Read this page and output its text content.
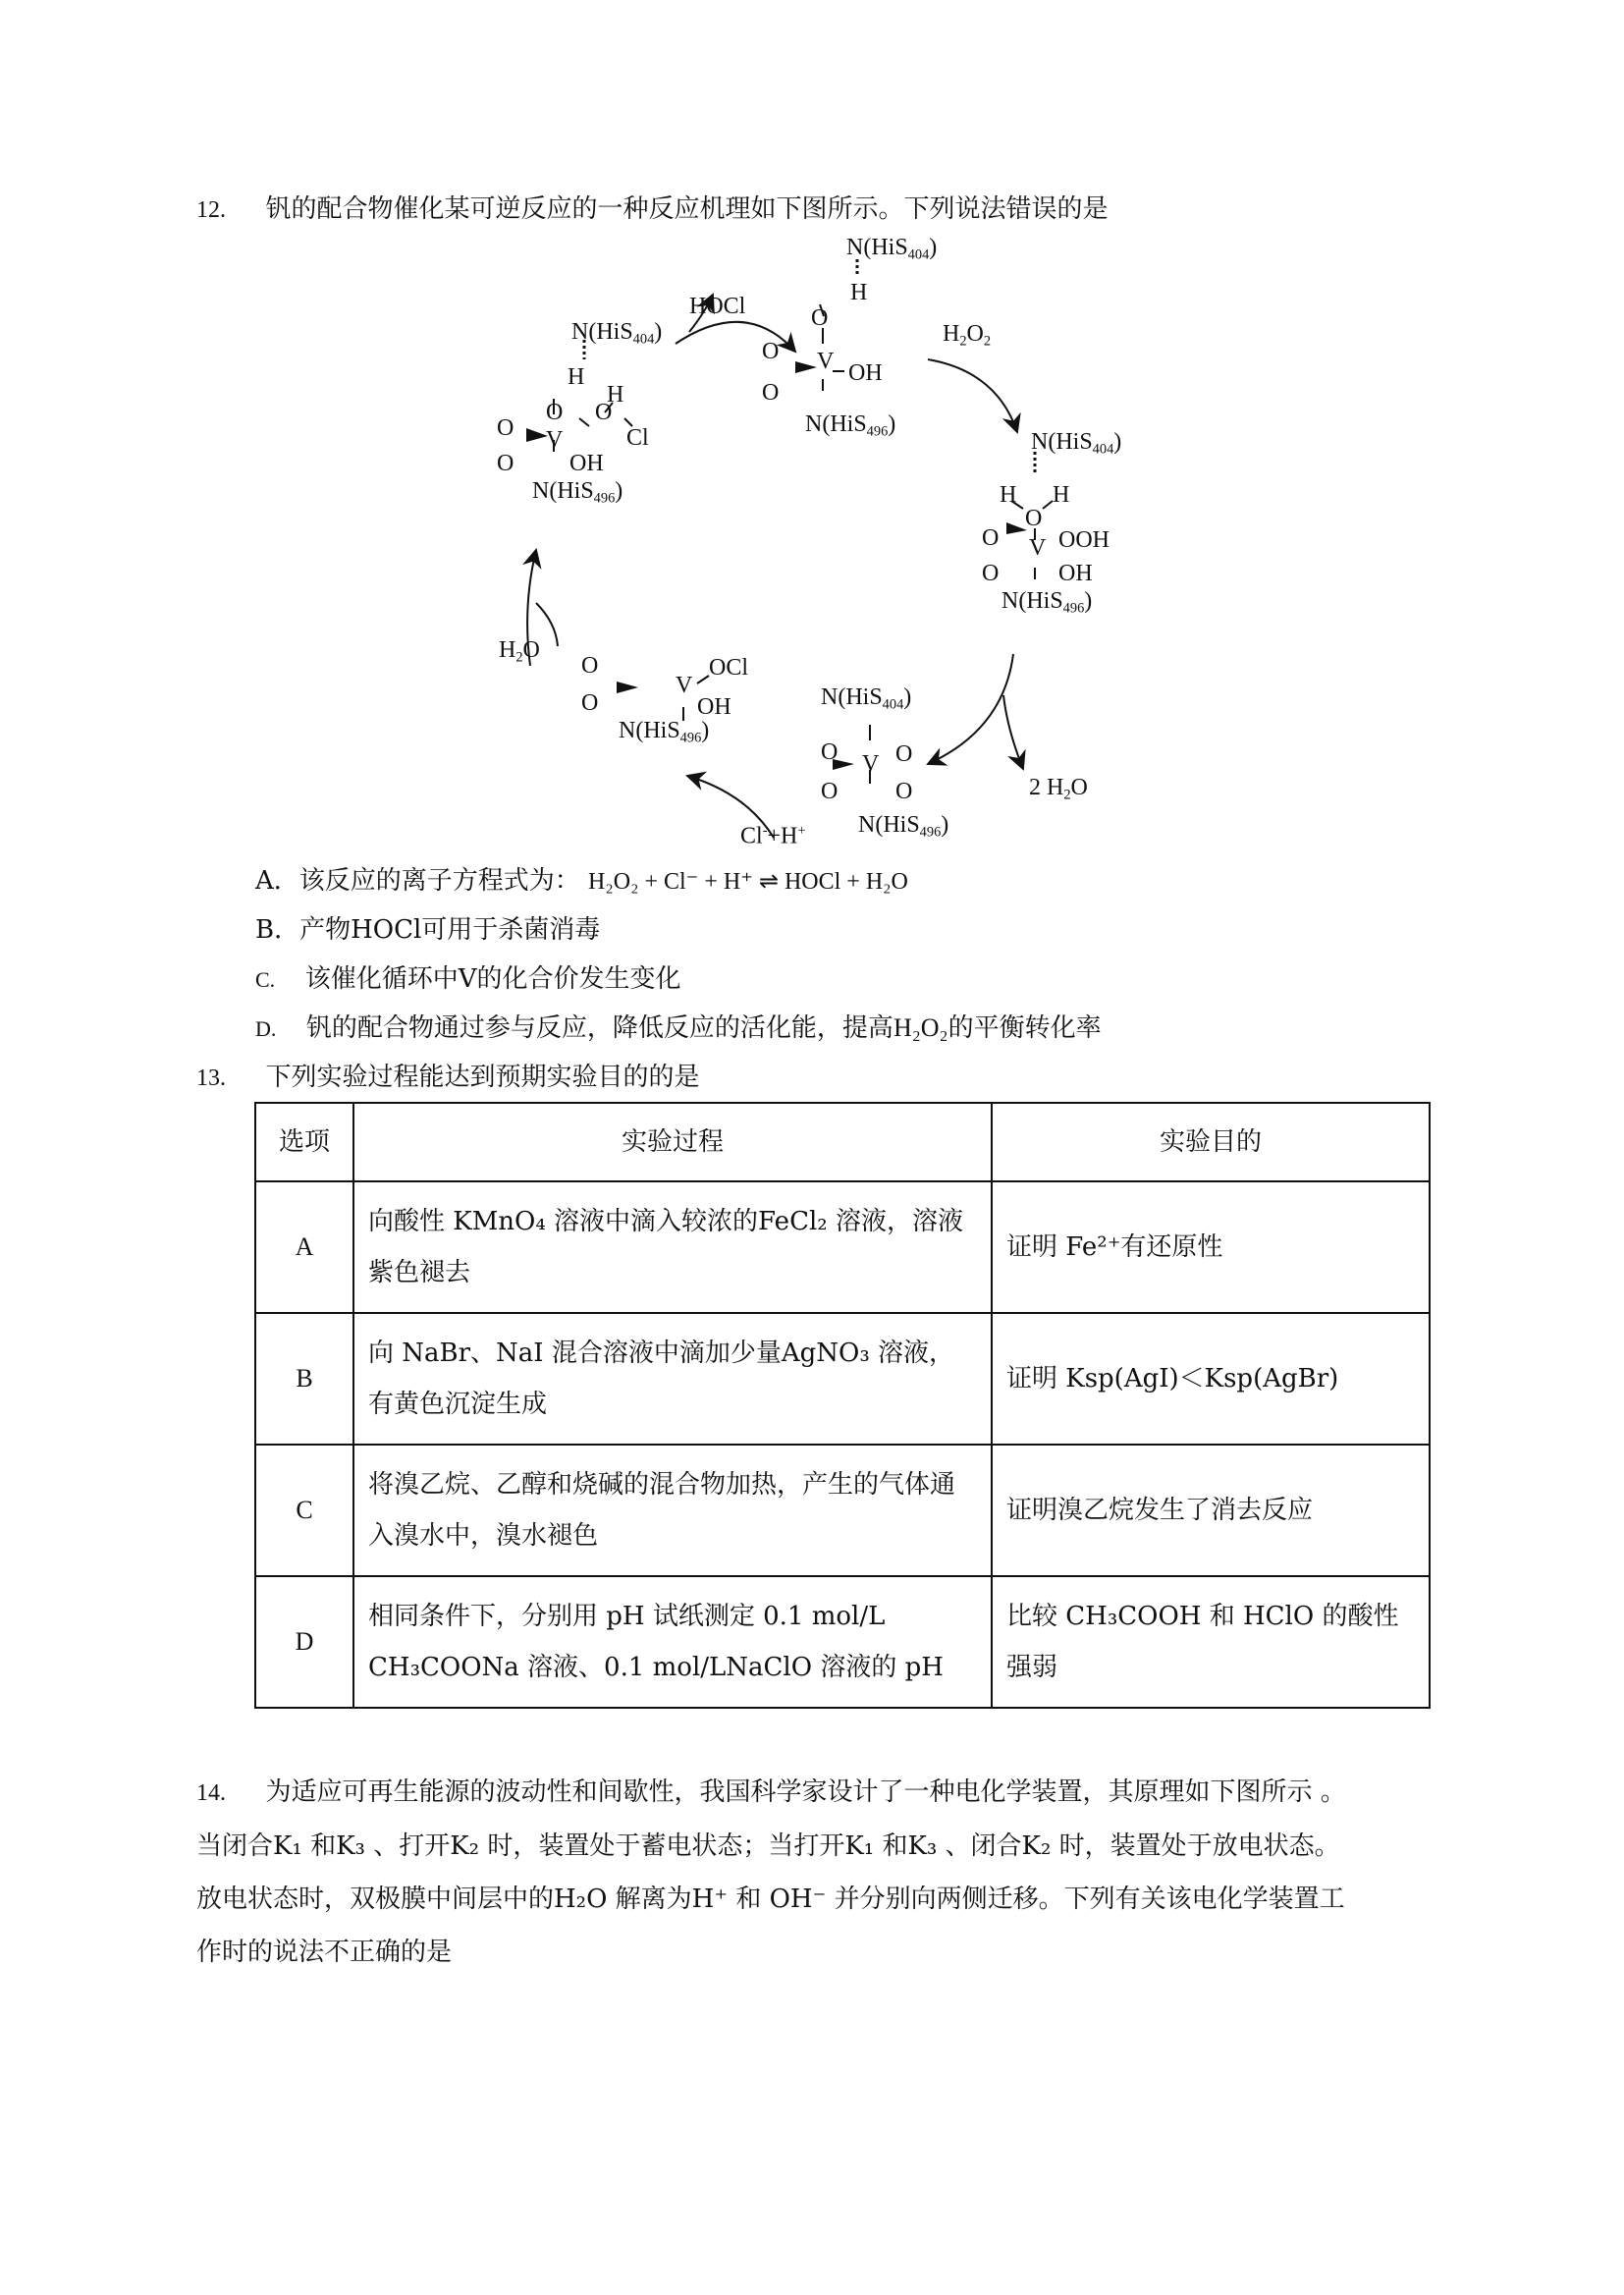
12. 钒的配合物催化某可逆反应的一种反应机理如下图所示。下列说法错误的是
N(HiS$_{404}$)
H
O
O V OH
O
N(HiS$_{496}$)
HOCl
$H_2O_2$
N(HiS$_{404}$)
H
H
O O
O V	Cl
O OH
N(HiS$_{496}$)
N(HiS$_{404}$)
H H
O
O V OOH
O	OH
N(HiS$_{496}$)
2 $H_2O$
N(HiS$_{404}$)
O V O
O O
N(HiS$_{496}$)
Cl-+H+
O	OCl
V
O	OH
N(HiS$_{496}$)
$H_2O$
A．该反应的离子方程式为： H₂O₂ + Cl⁻ + H⁺ ⇌ HOCl + H₂O
B．产物HOCl可用于杀菌消毒
C. 该催化循环中V的化合价发生变化
D. 钒的配合物通过参与反应，降低反应的活化能，提高H₂O₂的平衡转化率
13. 下列实验过程能达到预期实验目的的是
选项	实验过程	实验目的
A	向酸性 KMnO₄ 溶液中滴入较浓的FeCl₂ 溶液，溶液紫色褪去	证明 Fe²⁺有还原性
B	向 NaBr、NaI 混合溶液中滴加少量AgNO₃ 溶液，有黄色沉淀生成	证明 Ksp(AgI)＜Ksp(AgBr)
C	将溴乙烷、乙醇和烧碱的混合物加热，产生的气体通入溴水中，溴水褪色	证明溴乙烷发生了消去反应
D	相同条件下，分别用 pH 试纸测定 0.1 mol/L CH₃COONa 溶液、0.1 mol/LNaClO 溶液的 pH	比较 CH₃COOH 和 HClO 的酸性强弱
14. 为适应可再生能源的波动性和间歇性，我国科学家设计了一种电化学装置，其原理如下图所示 。
当闭合K₁ 和K₃ 、打开K₂ 时，装置处于蓄电状态；当打开K₁ 和K₃ 、闭合K₂ 时，装置处于放电状态。
放电状态时，双极膜中间层中的H₂O 解离为H⁺ 和 OH⁻ 并分别向两侧迁移。下列有关该电化学装置工
作时的说法不正确的是
